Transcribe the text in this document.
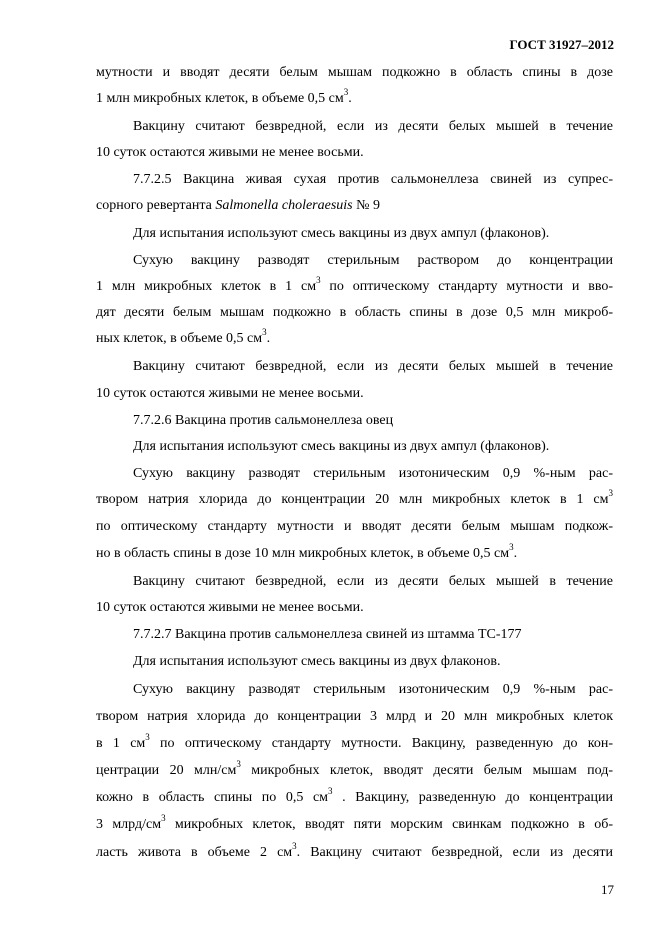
ГОСТ 31927–2012
мутности и вводят десяти белым мышам подкожно в область спины в дозе
1 млн микробных клеток, в объеме 0,5 $см^3$.
Вакцину считают безвредной, если из десяти белых мышей в течение
10 суток остаются живыми не менее восьми.
7.7.2.5 Вакцина живая сухая против сальмонеллеза свиней из супрес-
сорного ревертанта Salmonella choleraesuis № 9
Для испытания используют смесь вакцины из двух ампул (флаконов).
Сухую вакцину разводят стерильным раствором до концентрации
1 млн микробных клеток в 1 $см^3$ по оптическому стандарту мутности и вво-
дят десяти белым мышам подкожно в область спины в дозе 0,5 млн микроб-
ных клеток, в объеме 0,5 $см^3$.
Вакцину считают безвредной, если из десяти белых мышей в течение
10 суток остаются живыми не менее восьми.
7.7.2.6 Вакцина против сальмонеллеза овец
Для испытания используют смесь вакцины из двух ампул (флаконов).
Сухую вакцину разводят стерильным изотоническим 0,9 %-ным рас-
твором натрия хлорида до концентрации 20 млн микробных клеток в 1 $см^3$
по оптическому стандарту мутности и вводят десяти белым мышам подкож-
но в область спины в дозе 10 млн микробных клеток, в объеме 0,5 $см^3$.
Вакцину считают безвредной, если из десяти белых мышей в течение
10 суток остаются живыми не менее восьми.
7.7.2.7 Вакцина против сальмонеллеза свиней из штамма ТС-177
Для испытания используют смесь вакцины из двух флаконов.
Сухую вакцину разводят стерильным изотоническим 0,9 %-ным рас-
твором натрия хлорида до концентрации 3 млрд и 20 млн микробных клеток
в 1 $см^3$ по оптическому стандарту мутности. Вакцину, разведенную до кон-
центрации 20 млн/$см^3$ микробных клеток, вводят десяти белым мышам под-
кожно в область спины по 0,5 $см^3$ . Вакцину, разведенную до концентрации
3 млрд/$см^3$ микробных клеток, вводят пяти морским свинкам подкожно в об-
ласть живота в объеме 2 $см^3$. Вакцину считают безвредной, если из десяти
17
